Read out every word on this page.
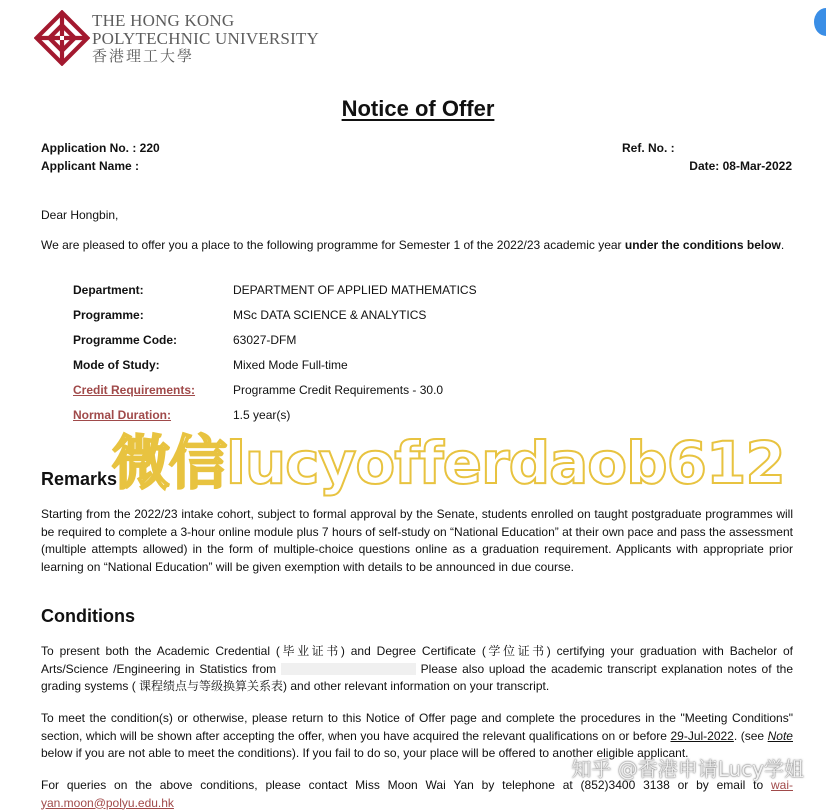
THE HONG KONG
POLYTECHNIC UNIVERSITY
香港理工大學
Notice of Offer
Application No. : 220
Applicant Name :
Ref. No. :
Date: 08-Mar-2022
Dear Hongbin,
We are pleased to offer you a place to the following programme for Semester 1 of the 2022/23 academic year under the conditions below.
Department:	DEPARTMENT OF APPLIED MATHEMATICS
Programme:	MSc DATA SCIENCE & ANALYTICS
Programme Code:	63027-DFM
Mode of Study:	Mixed Mode Full-time
Credit Requirements:	Programme Credit Requirements - 30.0
Normal Duration:	1.5 year(s)
Remarks
Starting from the 2022/23 intake cohort, subject to formal approval by the Senate, students enrolled on taught postgraduate programmes will be required to complete a 3-hour online module plus 7 hours of self-study on “National Education” at their own pace and pass the assessment (multiple attempts allowed) in the form of multiple-choice questions online as a graduation requirement. Applicants with appropriate prior learning on “National Education” will be given exemption with details to be announced in due course.
Conditions
To present both the Academic Credential (毕业证书) and Degree Certificate (学位证书) certifying your graduation with Bachelor of Arts/Science /Engineering in Statistics from	Please also upload the academic transcript explanation notes of the grading systems ( 课程绩点与等级换算关系表) and other relevant information on your transcript.
To meet the condition(s) or otherwise, please return to this Notice of Offer page and complete the procedures in the "Meeting Conditions" section, which will be shown after accepting the offer, when you have acquired the relevant qualifications on or before 29-Jul-2022. (see Note below if you are not able to meet the conditions). If you fail to do so, your place will be offered to another eligible applicant.
For queries on the above conditions, please contact Miss Moon Wai Yan by telephone at (852)3400 3138 or by email to wai-yan.moon@polyu.edu.hk
微信lucyofferdaob612
知乎 @香港申请Lucy学姐
